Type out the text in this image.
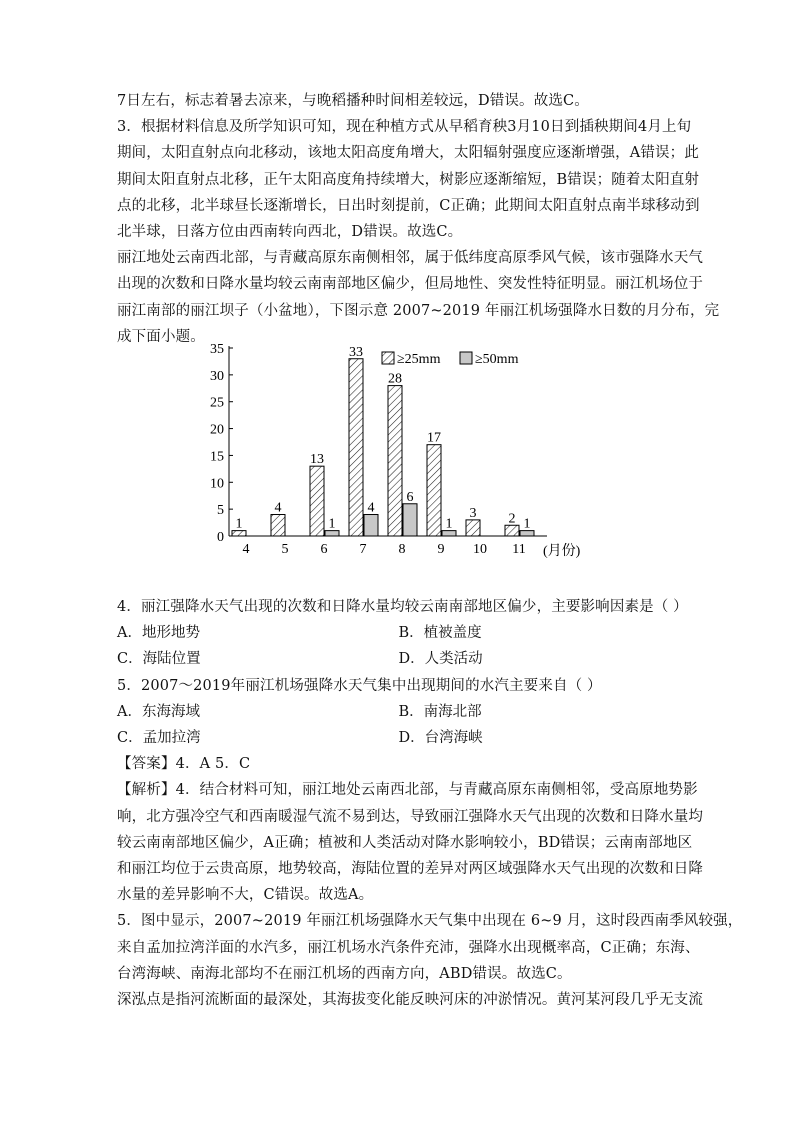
7日左右，标志着暑去凉来，与晚稻播种时间相差较远，D错误。故选C。
3．根据材料信息及所学知识可知，现在种植方式从早稻育秧3月10日到插秧期间4月上旬
期间，太阳直射点向北移动，该地太阳高度角增大，太阳辐射强度应逐渐增强，A错误；此
期间太阳直射点北移，正午太阳高度角持续增大，树影应逐渐缩短，B错误；随着太阳直射
点的北移，北半球昼长逐渐增长，日出时刻提前，C正确；此期间太阳直射点南半球移动到
北半球，日落方位由西南转向西北，D错误。故选C。
丽江地处云南西北部，与青藏高原东南侧相邻，属于低纬度高原季风气候，该市强降水天气
出现的次数和日降水量均较云南南部地区偏少，但局地性、突发性特征明显。丽江机场位于
丽江南部的丽江坝子（小盆地），下图示意 2007~2019 年丽江机场强降水日数的月分布，完
成下面小题。
0
5
10
15
20
25
30
35
1
4
4
5
13
1
6
33
4
7
28
6
8
17
1
9
3
10
2 1
11 (月份)
≥25mm ≥50mm
4．丽江强降水天气出现的次数和日降水量均较云南南部地区偏少，主要影响因素是（ ）
A．地形地势	B．植被盖度
C．海陆位置	D．人类活动
5．2007～2019年丽江机场强降水天气集中出现期间的水汽主要来自（ ）
A．东海海域	B．南海北部
C．孟加拉湾	D．台湾海峡
【答案】4．A 5．C
【解析】4．结合材料可知，丽江地处云南西北部，与青藏高原东南侧相邻，受高原地势影
响，北方强冷空气和西南暖湿气流不易到达，导致丽江强降水天气出现的次数和日降水量均
较云南南部地区偏少，A正确；植被和人类活动对降水影响较小，BD错误；云南南部地区
和丽江均位于云贵高原，地势较高，海陆位置的差异对两区域强降水天气出现的次数和日降
水量的差异影响不大，C错误。故选A。
5．图中显示，2007~2019 年丽江机场强降水天气集中出现在 6~9 月，这时段西南季风较强，
来自孟加拉湾洋面的水汽多，丽江机场水汽条件充沛，强降水出现概率高，C正确；东海、
台湾海峡、南海北部均不在丽江机场的西南方向，ABD错误。故选C。
深泓点是指河流断面的最深处，其海拔变化能反映河床的冲淤情况。黄河某河段几乎无支流
